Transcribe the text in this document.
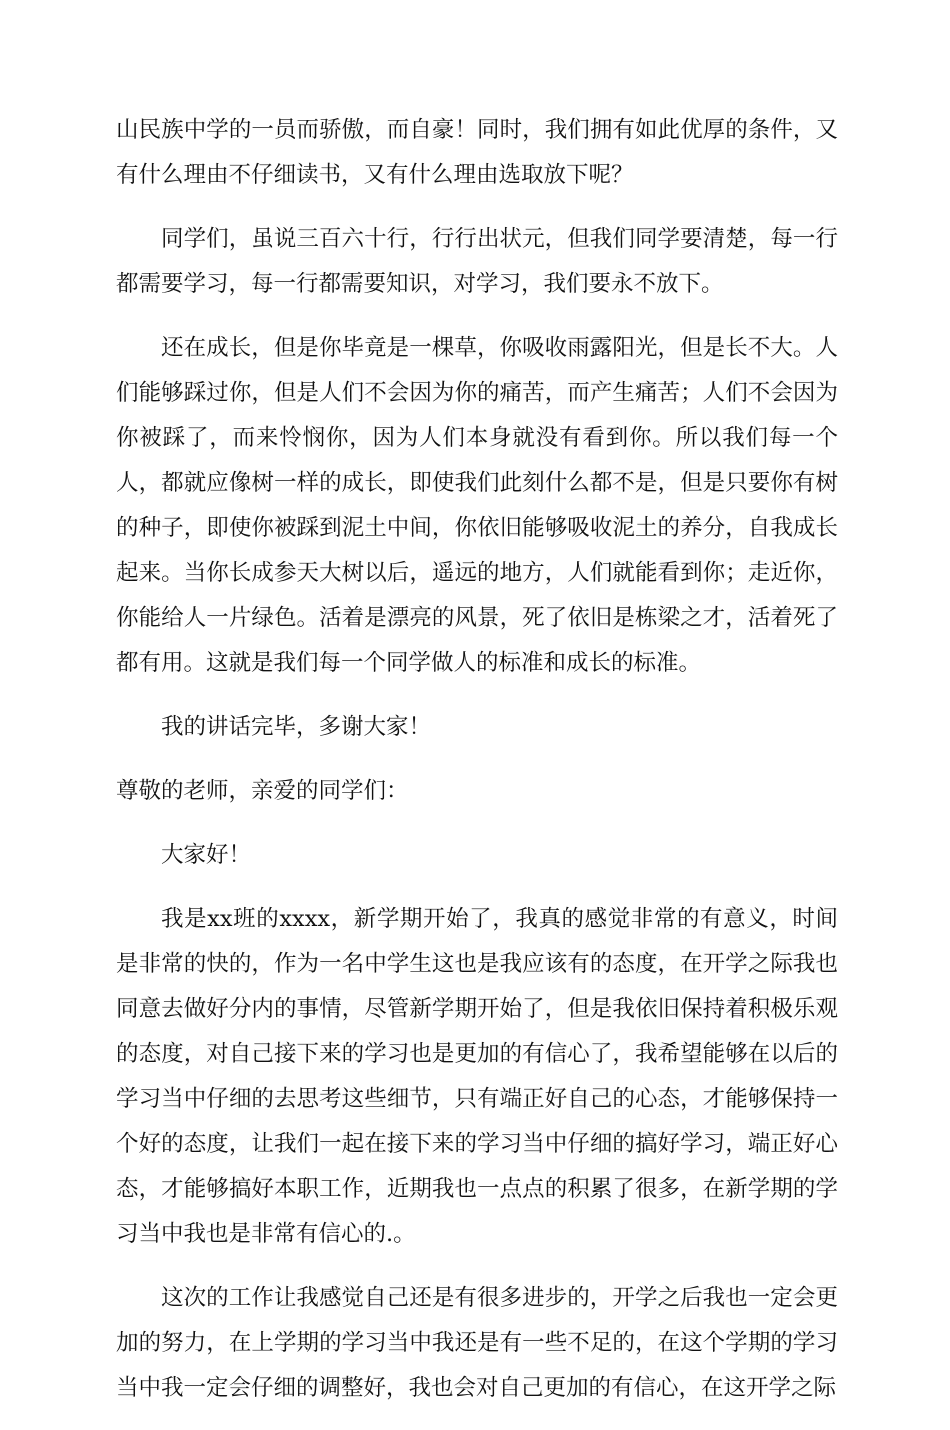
山民族中学的一员而骄傲，而自豪！同时，我们拥有如此优厚的条件，又有什么理由不仔细读书，又有什么理由选取放下呢？

同学们，虽说三百六十行，行行出状元，但我们同学要清楚，每一行都需要学习，每一行都需要知识，对学习，我们要永不放下。

还在成长，但是你毕竟是一棵草，你吸收雨露阳光，但是长不大。人们能够踩过你，但是人们不会因为你的痛苦，而产生痛苦；人们不会因为你被踩了，而来怜悯你，因为人们本身就没有看到你。所以我们每一个人，都就应像树一样的成长，即使我们此刻什么都不是，但是只要你有树的种子，即使你被踩到泥土中间，你依旧能够吸收泥土的养分，自我成长起来。当你长成参天大树以后，遥远的地方，人们就能看到你；走近你，你能给人一片绿色。活着是漂亮的风景，死了依旧是栋梁之才，活着死了都有用。这就是我们每一个同学做人的标准和成长的标准。

我的讲话完毕，多谢大家！

尊敬的老师，亲爱的同学们：

大家好！

我是xx班的xxxx，新学期开始了，我真的感觉非常的有意义，时间是非常的快的，作为一名中学生这也是我应该有的态度，在开学之际我也同意去做好分内的事情，尽管新学期开始了，但是我依旧保持着积极乐观的态度，对自己接下来的学习也是更加的有信心了，我希望能够在以后的学习当中仔细的去思考这些细节，只有端正好自己的心态，才能够保持一个好的态度，让我们一起在接下来的学习当中仔细的搞好学习，端正好心态，才能够搞好本职工作，近期我也一点点的积累了很多，在新学期的学习当中我也是非常有信心的.。

这次的工作让我感觉自己还是有很多进步的，开学之后我也一定会更加的努力，在上学期的学习当中我还是有一些不足的，在这个学期的学习当中我一定会仔细的调整好，我也会对自己更加的有信心，在这开学之际
